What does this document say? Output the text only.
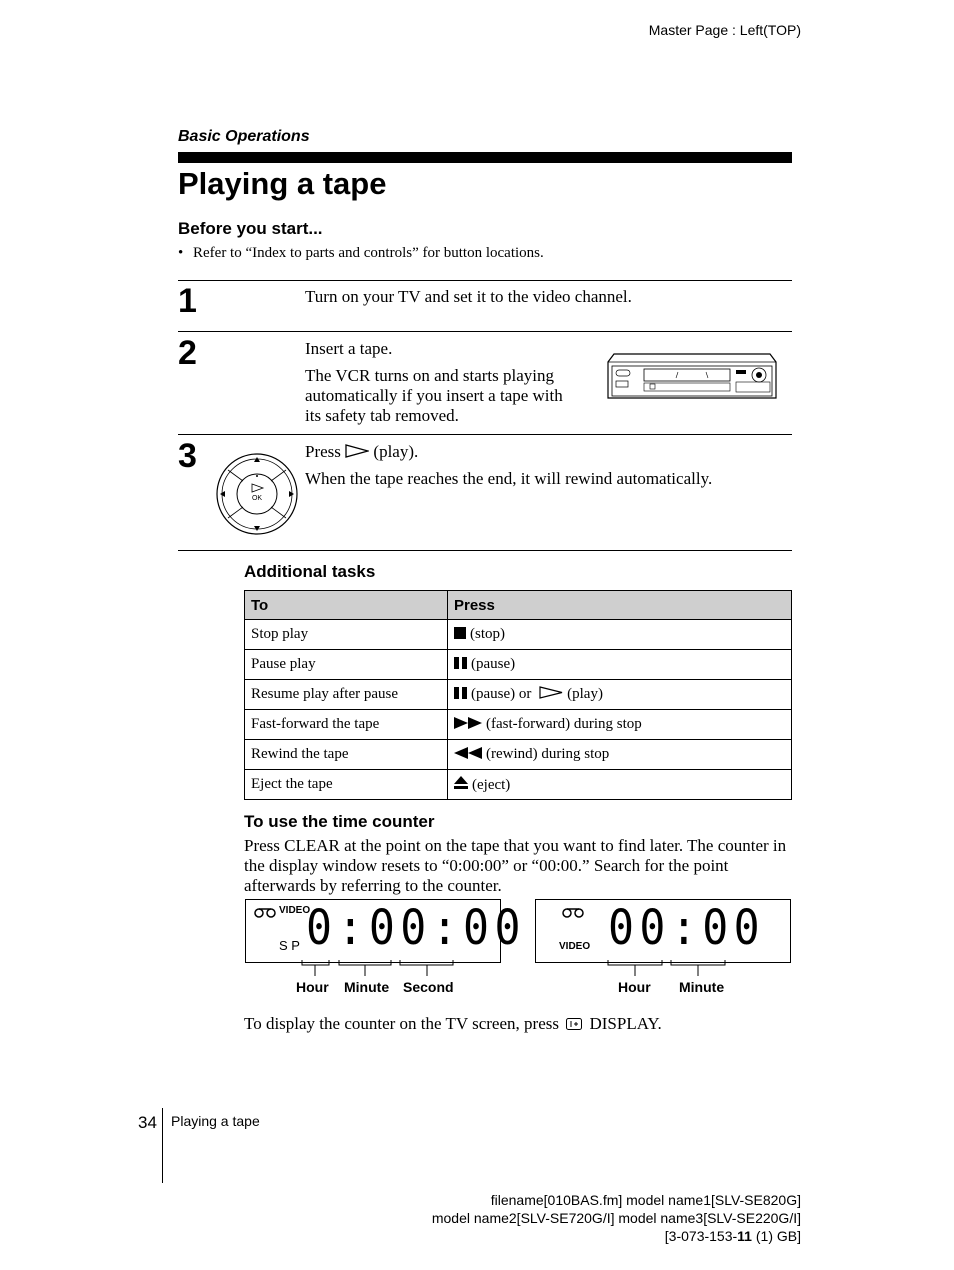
Master Page : Left(TOP)
Basic Operations
Playing a tape
Before you start...
• Refer to “Index to parts and controls” for button locations.
1	Turn on your TV and set it to the video channel.
2	Insert a tape.
The VCR turns on and starts playing
automatically if you insert a tape with
its safety tab removed.
3	Press (play).
When the tape reaches the end, it will rewind automatically.
OK
Additional tasks
To	Press
Stop play	(stop)
Pause play	(pause)
Resume play after pause	(pause) or (play)
Fast-forward the tape	(fast-forward) during stop
Rewind the tape	(rewind) during stop
Eject the tape	(eject)
To use the time counter
Press CLEAR at the point on the tape that you want to find later. The counter in the display window resets to “0:00:00” or “00:00.” Search for the point afterwards by referring to the counter.
VIDEO
S P 0:00:00
Hour Minute Second
VIDEO 00:00
Hour Minute
To display the counter on the TV screen, press DISPLAY.
34 Playing a tape
filename[010BAS.fm] model name1[SLV-SE820G]
model name2[SLV-SE720G/I] model name3[SLV-SE220G/I]
[3-073-153-11 (1) GB]
